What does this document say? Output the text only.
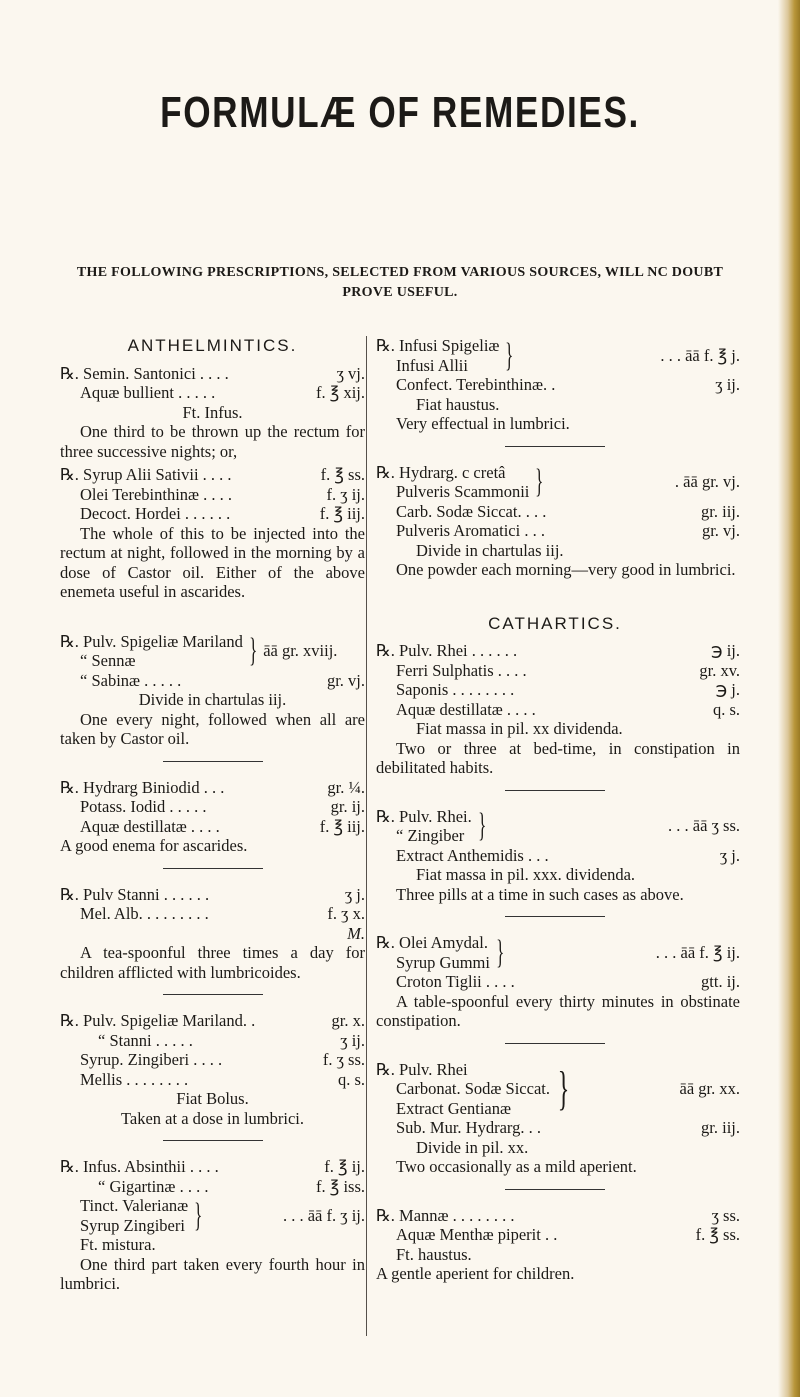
FORMULÆ OF REMEDIES.
THE FOLLOWING PRESCRIPTIONS, SELECTED FROM VARIOUS SOURCES, WILL NC DOUBT PROVE USEFUL.
ANTHELMINTICS.
℞. Semin. Santonici . . . .	ʒ vj.
Aquæ bullient . . . . .	f. ℥ xij.
Ft. Infus.

One third to be thrown up the rectum for three successive nights; or,

℞. Syrup Alii Sativii . . . .	f. ℥ ss.
Olei Terebinthinæ . . . .	f. ʒ ij.
Decoct. Hordei . . . . . .	f. ℥ iij.

The whole of this to be injected into the rectum at night, followed in the morning by a dose of Castor oil. Either of the above enemeta useful in ascarides.

℞. Pulv. Spigeliæ Mariland
“ Sennæ	} āā gr. xviij.
“ Sabinæ . . . . .	gr. vj.
Divide in chartulas iij.

One every night, followed when all are taken by Castor oil.

℞. Hydrarg Biniodid . . .	gr. ¼.
Potass. Iodid . . . . .	gr. ij.
Aquæ destillatæ . . . .	f. ℥ iij.
A good enema for ascarides.
℞. Pulv Stanni . . . . . .	ʒ j.
Mel. Alb. . . . . . . . .	f. ʒ x.
M.

A tea-spoonful three times a day for children afflicted with lumbricoides.

℞. Pulv. Spigeliæ Mariland. .	gr. x.
“ Stanni . . . . .	ʒ ij.
Syrup. Zingiberi . . . .	f. ʒ ss.
Mellis . . . . . . . .	q. s.
Fiat Bolus.
Taken at a dose in lumbrici.
℞. Infus. Absinthii . . . .	f. ℥ ij.
“ Gigartinæ . . . .	f. ℥ iss.
Tinct. Valerianæ
Syrup Zingiberi }	. . . āā f. ʒ ij.
Ft. mistura.

One third part taken every fourth hour in lumbrici.

℞. Infusi Spigeliæ
Infusi Allii	}	. . . āā f. ℥ j.
Confect. Terebinthinæ. .	ʒ ij.
Fiat haustus.
Very effectual in lumbrici.
℞. Hydrarg. c cretâ
Pulveris Scammonii }	. āā gr. vj.
Carb. Sodæ Siccat. . . .	gr. iij.
Pulveris Aromatici . . .	gr. vj.
Divide in chartulas iij.

One powder each morning—very good in lumbrici.

CATHARTICS.
℞. Pulv. Rhei . . . . . .	℈ ij.
Ferri Sulphatis . . . .	gr. xv.
Saponis . . . . . . . .	℈ j.
Aquæ destillatæ . . . .	q. s.
Fiat massa in pil. xx dividenda.

Two or three at bed-time, in constipation in debilitated habits.

℞. Pulv. Rhei.
“ Zingiber }	. . . āā ʒ ss.
Extract Anthemidis . . .	ʒ j.
Fiat massa in pil. xxx. dividenda.

Three pills at a time in such cases as above.

℞. Olei Amydal.
Syrup Gummi }	. . . āā f. ℥ ij.
Croton Tiglii . . . .	gtt. ij.

A table-spoonful every thirty minutes in obstinate constipation.

℞. Pulv. Rhei
Carbonat. Sodæ Siccat.
Extract Gentianæ }	āā gr. xx.
Sub. Mur. Hydrarg. . .	gr. iij.
Divide in pil. xx.
Two occasionally as a mild aperient.
℞. Mannæ . . . . . . . .	ʒ ss.
Aquæ Menthæ piperit . .	f. ℥ ss.
Ft. haustus.
A gentle aperient for children.
